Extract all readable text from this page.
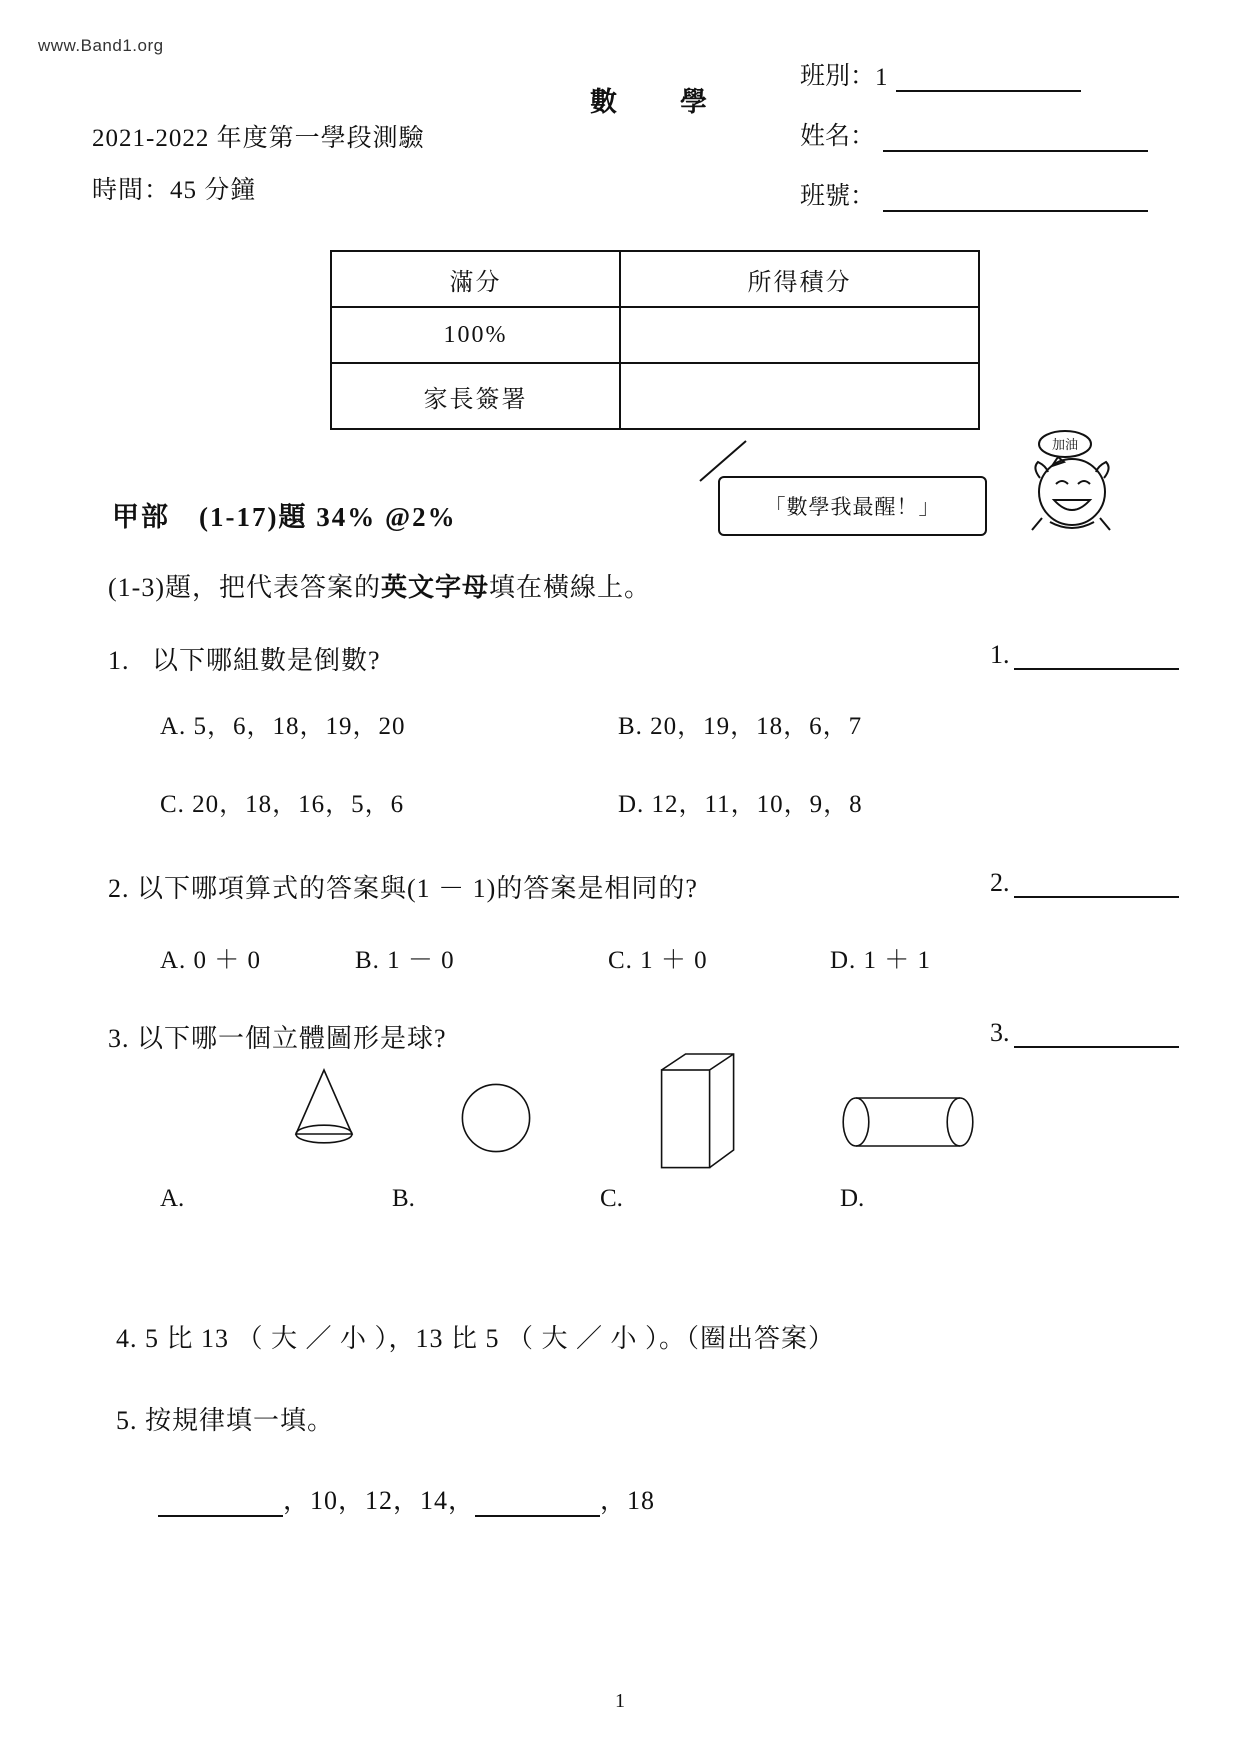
www.Band1.org
數　學
2021-2022 年度第一學段測驗
時間：45 分鐘
班別： 1
姓名：
班號：
滿分	所得積分
100%	
家長簽署	
甲部　(1-17)題 34% @2%	「數學我最醒！」
加油
(1-3)題，把代表答案的英文字母填在橫線上。
1. 以下哪組數是倒數?	1.
A. 5，6，18，19，20	B. 20，19，18，6，7
C. 20，18，16，5，6	D. 12，11，10，9，8
2. 以下哪項算式的答案與(1 － 1)的答案是相同的?	2.
A. 0 ＋ 0	B. 1 － 0	C. 1 ＋ 0	D. 1 ＋ 1
3. 以下哪一個立體圖形是球?	3.
A.	B.	C.	D.
4. 5 比 13 （ 大 ／ 小 ），13 比 5 （ 大 ／ 小 ）。（圈出答案）
5. 按規律填一填。
，10，12，14，	，18
1
